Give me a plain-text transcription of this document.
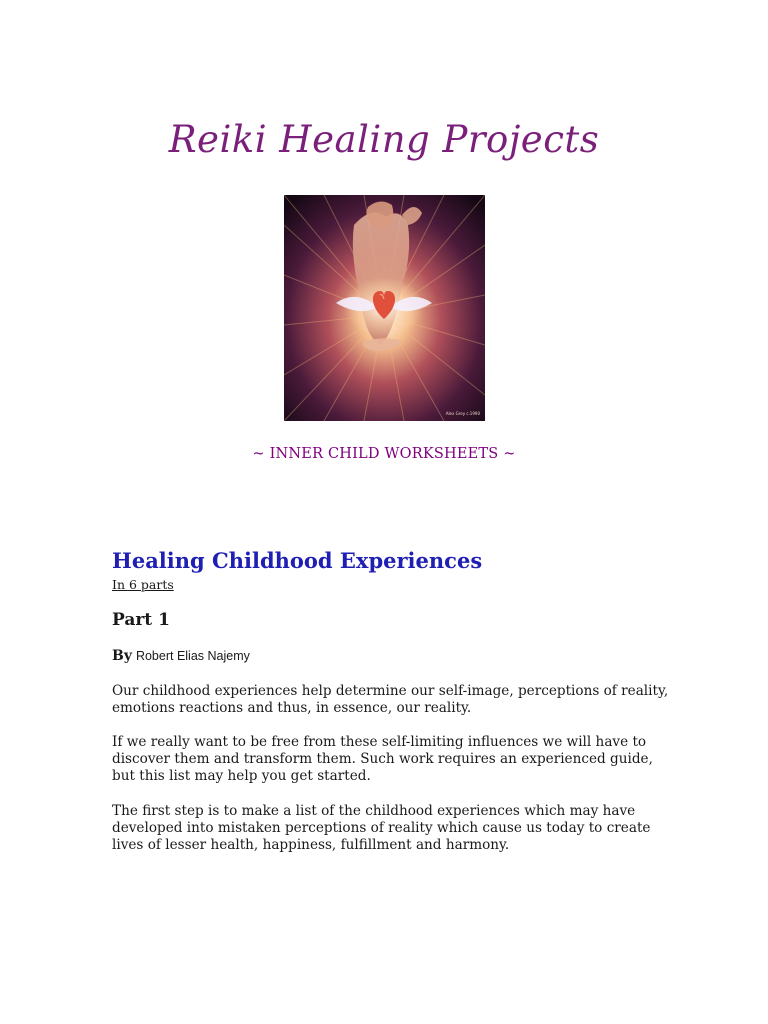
Reiki Healing Projects
Alex Grey c.1990
~ INNER CHILD WORKSHEETS ~
Healing Childhood Experiences
In 6 parts
Part 1
By Robert Elias Najemy

Our childhood experiences help determine our self-image, perceptions of reality, emotions reactions and thus, in essence, our reality.

If we really want to be free from these self-limiting influences we will have to discover them and transform them. Such work requires an experienced guide, but this list may help you get started.

The first step is to make a list of the childhood experiences which may have developed into mistaken perceptions of reality which cause us today to create lives of lesser health, happiness, fulfillment and harmony.
